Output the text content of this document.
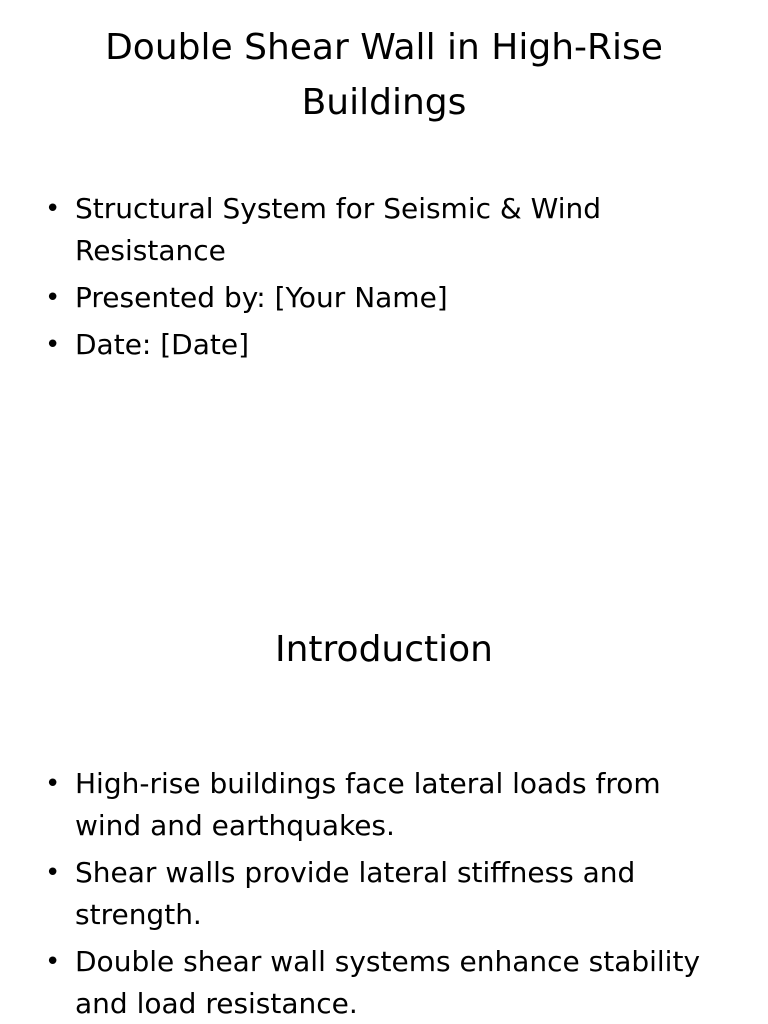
Double Shear Wall in High-Rise Buildings
• Structural System for Seismic & Wind Resistance
• Presented by: [Your Name]
• Date: [Date]
Introduction
• High-rise buildings face lateral loads from wind and earthquakes.
• Shear walls provide lateral stiffness and strength.
• Double shear wall systems enhance stability and load resistance.
